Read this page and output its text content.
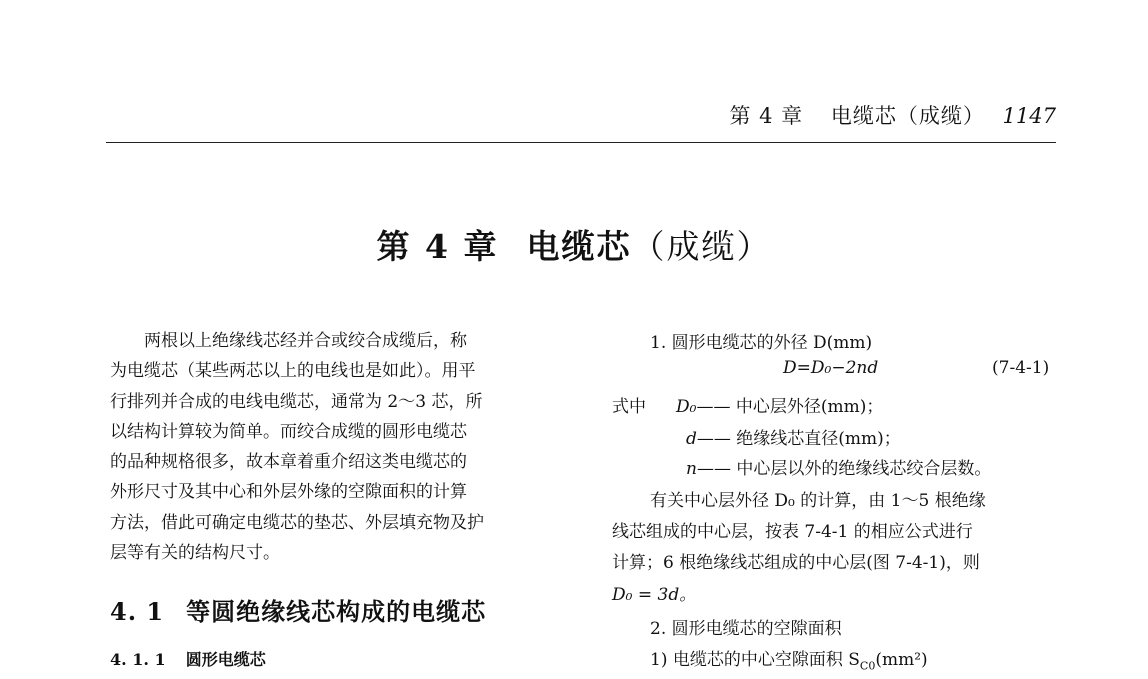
第 4 章 电缆芯（成缆） 1147
第 4 章 电缆芯（成缆）
两根以上绝缘线芯经并合或绞合成缆后，称
为电缆芯（某些两芯以上的电线也是如此）。用平
行排列并合成的电线电缆芯，通常为 2～3 芯，所
以结构计算较为简单。而绞合成缆的圆形电缆芯
的品种规格很多，故本章着重介绍这类电缆芯的
外形尺寸及其中心和外层外缘的空隙面积的计算
方法，借此可确定电缆芯的垫芯、外层填充物及护
层等有关的结构尺寸。
4. 1 等圆绝缘线芯构成的电缆芯
4. 1. 1 圆形电缆芯
1. 圆形电缆芯的外径 D(mm)
D=D₀−2nd	(7-4-1)
式中 D₀—— 中心层外径(mm)；
d—— 绝缘线芯直径(mm)；
n—— 中心层以外的绝缘线芯绞合层数。
有关中心层外径 D₀ 的计算，由 1～5 根绝缘
线芯组成的中心层，按表 7-4-1 的相应公式进行
计算；6 根绝缘线芯组成的中心层(图 7-4-1)，则
D₀ = 3d。
2. 圆形电缆芯的空隙面积
1) 电缆芯的中心空隙面积 $S_{C0}(mm^2)$
